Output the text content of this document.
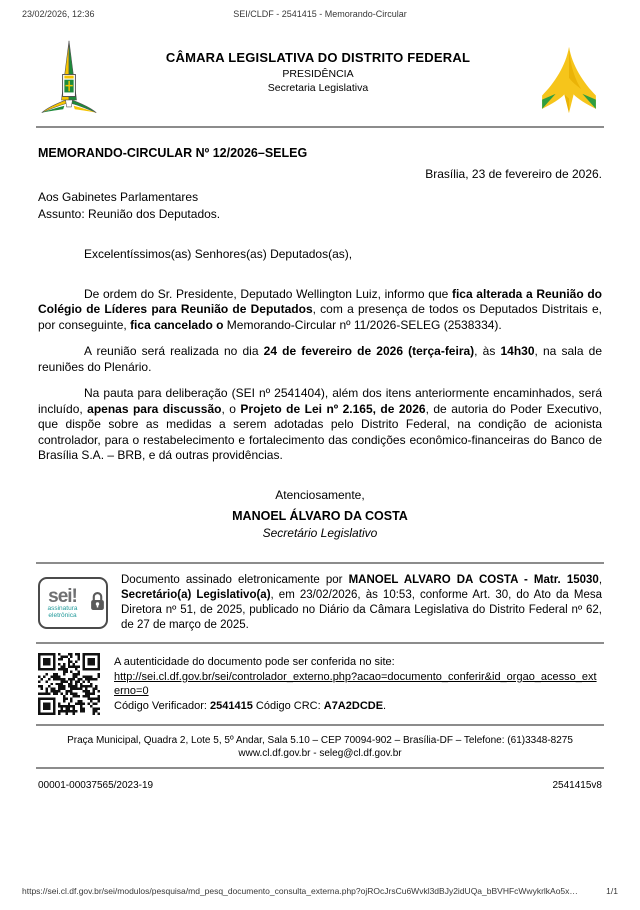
SEI/CLDF - 2541415 - Memorando-Circular
23/02/2026, 12:36
CÂMARA LEGISLATIVA DO DISTRITO FEDERAL
PRESIDÊNCIA
Secretaria Legislativa
MEMORANDO-CIRCULAR Nº 12/2026–SELEG
Brasília, 23 de fevereiro de 2026.
Aos Gabinetes Parlamentares
Assunto: Reunião dos Deputados.

Excelentíssimos(as) Senhores(as) Deputados(as),

De ordem do Sr. Presidente, Deputado Wellington Luiz, informo que fica alterada a Reunião do Colégio de Líderes para Reunião de Deputados, com a presença de todos os Deputados Distritais e, por conseguinte, fica cancelado o Memorando-Circular nº 11/2026-SELEG (2538334).

A reunião será realizada no dia 24 de fevereiro de 2026 (terça-feira), às 14h30, na sala de reuniões do Plenário.

Na pauta para deliberação (SEI nº 2541404), além dos itens anteriormente encaminhados, será incluído, apenas para discussão, o Projeto de Lei nº 2.165, de 2026, de autoria do Poder Executivo, que dispõe sobre as medidas a serem adotadas pelo Distrito Federal, na condição de acionista controlador, para o restabelecimento e fortalecimento das condições econômico-financeiras do Banco de Brasília S.A. – BRB, e dá outras providências.

Atenciosamente,
MANOEL ÁLVARO DA COSTA
Secretário Legislativo
sei!
assinatura eletrônica
Documento assinado eletronicamente por MANOEL ALVARO DA COSTA - Matr. 15030, Secretário(a) Legislativo(a), em 23/02/2026, às 10:53, conforme Art. 30, do Ato da Mesa Diretora nº 51, de 2025, publicado no Diário da Câmara Legislativa do Distrito Federal nº 62, de 27 de março de 2025.
A autenticidade do documento pode ser conferida no site:
http://sei.cl.df.gov.br/sei/controlador_externo.php?acao=documento_conferir&id_orgao_acesso_externo=0
Código Verificador: 2541415 Código CRC: A7A2DCDE.
Praça Municipal, Quadra 2, Lote 5, 5º Andar, Sala 5.10 – CEP 70094-902 – Brasília-DF – Telefone: (61)3348-8275
www.cl.df.gov.br - seleg@cl.df.gov.br
00001-00037565/2023-19	2541415v8
https://sei.cl.df.gov.br/sei/modulos/pesquisa/md_pesq_documento_consulta_externa.php?ojROcJrsCu6Wvkl3dBJy2idUQa_bBVHFcWwykrlkAo5x…	1/1
